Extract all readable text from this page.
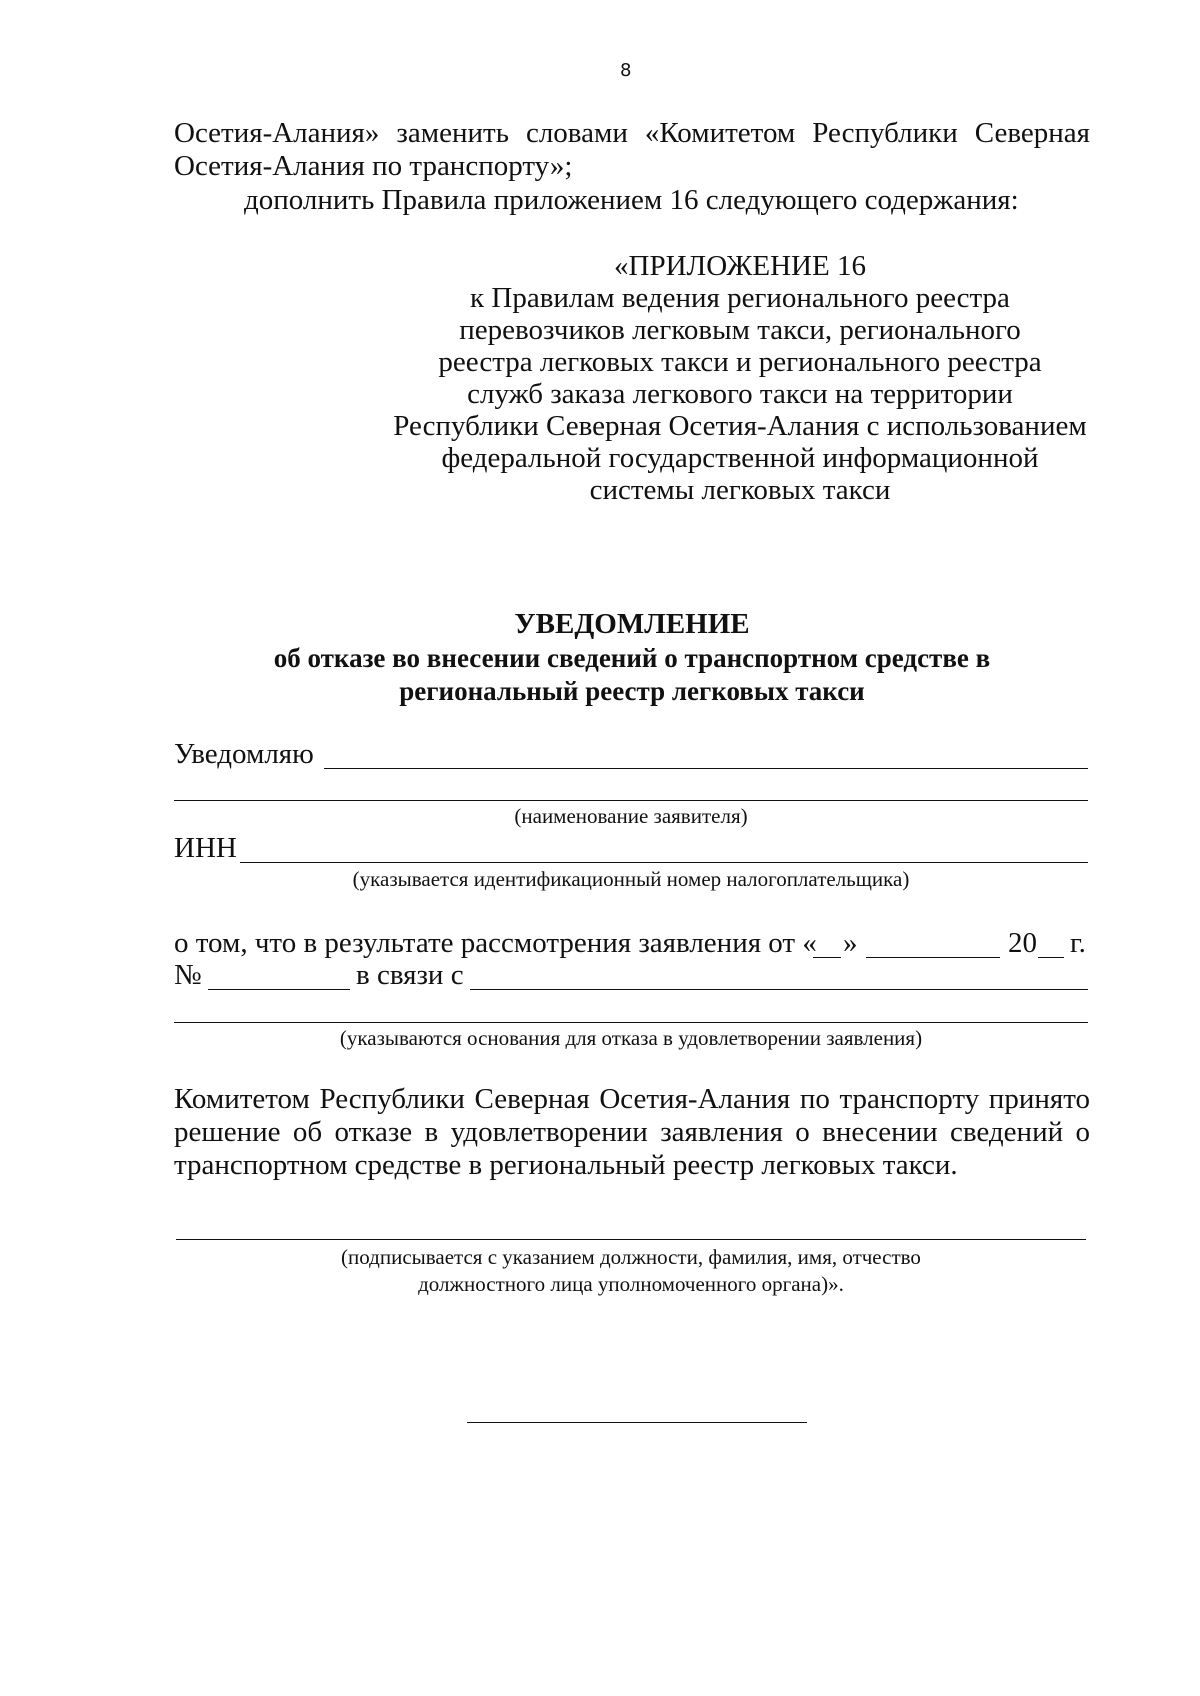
8
Осетия-Алания» заменить словами «Комитетом Республики Северная
Осетия-Алания по транспорту»;
дополнить Правила приложением 16 следующего содержания:
«ПРИЛОЖЕНИЕ 16
к Правилам ведения регионального реестра
перевозчиков легковым такси, регионального
реестра легковых такси и регионального реестра
служб заказа легкового такси на территории
Республики Северная Осетия-Алания с использованием
федеральной государственной информационной
системы легковых такси
УВЕДОМЛЕНИЕ
об отказе во внесении сведений о транспортном средстве в
региональный реестр легковых такси
Уведомляю
(наименование заявителя)
ИНН
(указывается идентификационный номер налогоплательщика)
о том, что в результате рассмотрения заявления от « »	20 г.
№	в связи с
(указываются основания для отказа в удовлетворении заявления)
Комитетом Республики Северная Осетия-Алания по транспорту принято
решение об отказе в удовлетворении заявления о внесении сведений о
транспортном средстве в региональный реестр легковых такси.
(подписывается с указанием должности, фамилия, имя, отчество
должностного лица уполномоченного органа)».
